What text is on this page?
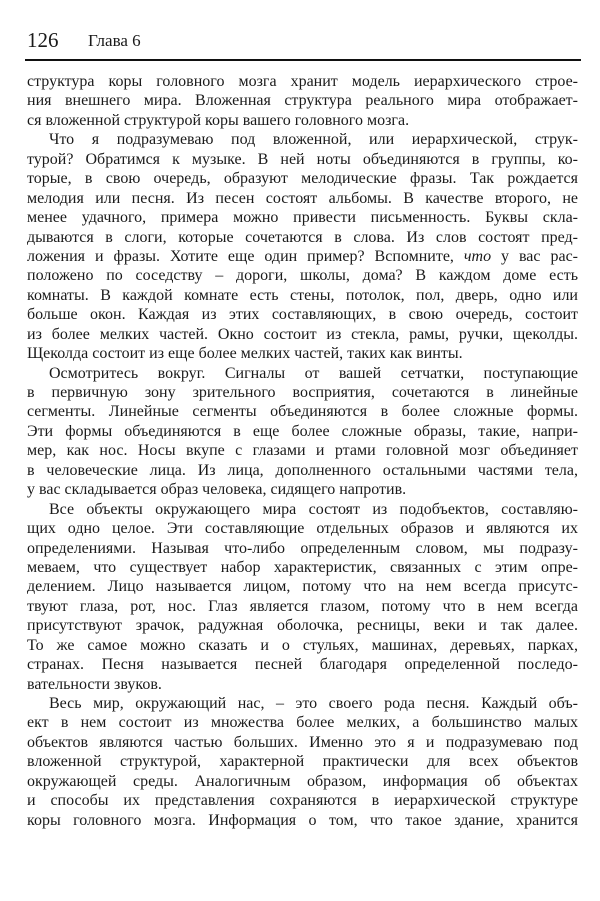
126 Глава 6
структура коры головного мозга хранит модель иерархического строе-
ния внешнего мира. Вложенная структура реального мира отображает-
ся вложенной структурой коры вашего головного мозга.
Что я подразумеваю под вложенной, или иерархической, струк-
турой? Обратимся к музыке. В ней ноты объединяются в группы, ко-
торые, в свою очередь, образуют мелодические фразы. Так рождается
мелодия или песня. Из песен состоят альбомы. В качестве второго, не
менее удачного, примера можно привести письменность. Буквы скла-
дываются в слоги, которые сочетаются в слова. Из слов состоят пред-
ложения и фразы. Хотите еще один пример? Вспомните, что у вас рас-
положено по соседству – дороги, школы, дома? В каждом доме есть
комнаты. В каждой комнате есть стены, потолок, пол, дверь, одно или
больше окон. Каждая из этих составляющих, в свою очередь, состоит
из более мелких частей. Окно состоит из стекла, рамы, ручки, щеколды.
Щеколда состоит из еще более мелких частей, таких как винты.
Осмотритесь вокруг. Сигналы от вашей сетчатки, поступающие
в первичную зону зрительного восприятия, сочетаются в линейные
сегменты. Линейные сегменты объединяются в более сложные формы.
Эти формы объединяются в еще более сложные образы, такие, напри-
мер, как нос. Носы вкупе с глазами и ртами головной мозг объединяет
в человеческие лица. Из лица, дополненного остальными частями тела,
у вас складывается образ человека, сидящего напротив.
Все объекты окружающего мира состоят из подобъектов, составляю-
щих одно целое. Эти составляющие отдельных образов и являются их
определениями. Называя что-либо определенным словом, мы подразу-
меваем, что существует набор характеристик, связанных с этим опре-
делением. Лицо называется лицом, потому что на нем всегда присутс-
твуют глаза, рот, нос. Глаз является глазом, потому что в нем всегда
присутствуют зрачок, радужная оболочка, ресницы, веки и так далее.
То же самое можно сказать и о стульях, машинах, деревьях, парках,
странах. Песня называется песней благодаря определенной последо-
вательности звуков.
Весь мир, окружающий нас, – это своего рода песня. Каждый объ-
ект в нем состоит из множества более мелких, а большинство малых
объектов являются частью больших. Именно это я и подразумеваю под
вложенной структурой, характерной практически для всех объектов
окружающей среды. Аналогичным образом, информация об объектах
и способы их представления сохраняются в иерархической структуре
коры головного мозга. Информация о том, что такое здание, хранится
